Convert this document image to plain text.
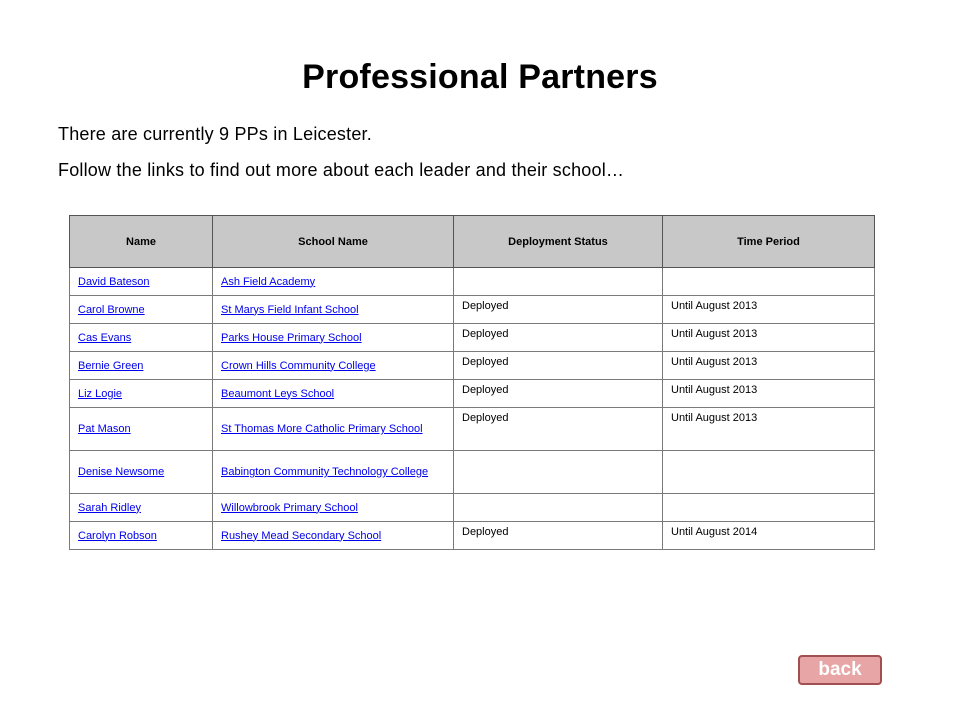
Professional Partners
There are currently 9 PPs in Leicester.
Follow the links to find out more about each leader and their school…
Name	School Name	Deployment Status	Time Period
David Bateson	Ash Field Academy		
Carol Browne	St Marys Field Infant School	Deployed	Until August 2013
Cas Evans	Parks House Primary School	Deployed	Until August 2013
Bernie Green	Crown Hills Community College	Deployed	Until August 2013
Liz Logie	Beaumont Leys School	Deployed	Until August 2013
Pat Mason	St Thomas More Catholic Primary School	Deployed	Until August 2013
Denise Newsome	Babington Community Technology College		

Sarah Ridley	Willowbrook Primary School		
Carolyn Robson	Rushey Mead Secondary School	Deployed	Until August 2014
back
